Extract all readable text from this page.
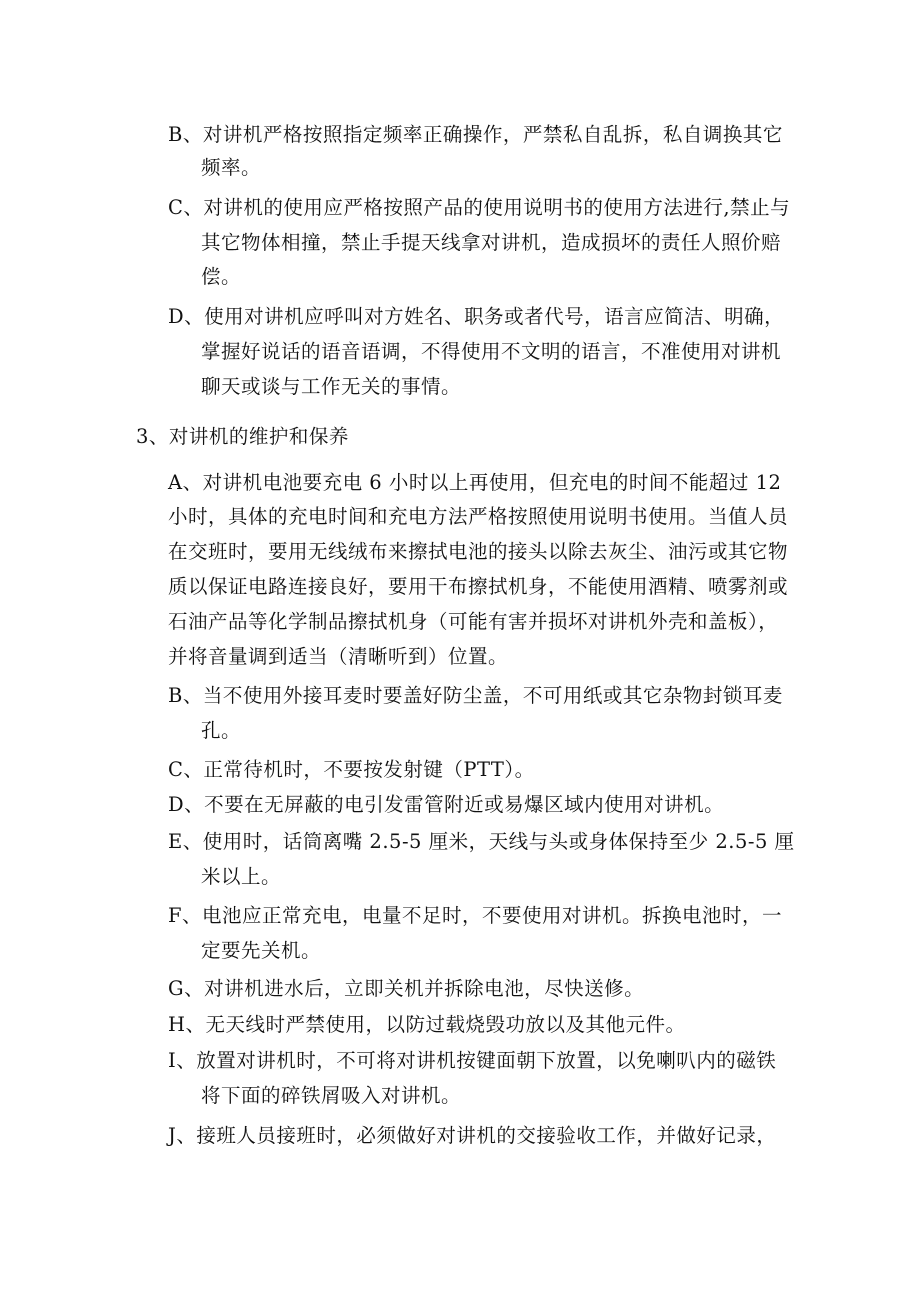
B、对讲机严格按照指定频率正确操作，严禁私自乱拆，私自调换其它
频率。
C、对讲机的使用应严格按照产品的使用说明书的使用方法进行,禁止与
其它物体相撞，禁止手提天线拿对讲机，造成损坏的责任人照价赔
偿。
D、使用对讲机应呼叫对方姓名、职务或者代号，语言应简洁、明确，
掌握好说话的语音语调，不得使用不文明的语言，不准使用对讲机
聊天或谈与工作无关的事情。
3、对讲机的维护和保养
A、对讲机电池要充电 6 小时以上再使用，但充电的时间不能超过 12
小时，具体的充电时间和充电方法严格按照使用说明书使用。当值人员
在交班时，要用无线绒布来擦拭电池的接头以除去灰尘、油污或其它物
质以保证电路连接良好，要用干布擦拭机身，不能使用酒精、喷雾剂或
石油产品等化学制品擦拭机身（可能有害并损坏对讲机外壳和盖板），
并将音量调到适当（清晰听到）位置。
B、当不使用外接耳麦时要盖好防尘盖，不可用纸或其它杂物封锁耳麦
孔。
C、正常待机时，不要按发射键（PTT）。
D、不要在无屏蔽的电引发雷管附近或易爆区域内使用对讲机。
E、使用时，话筒离嘴 2.5-5 厘米，天线与头或身体保持至少 2.5-5 厘
米以上。
F、电池应正常充电，电量不足时，不要使用对讲机。拆换电池时，一
定要先关机。
G、对讲机进水后，立即关机并拆除电池，尽快送修。
H、无天线时严禁使用，以防过载烧毁功放以及其他元件。
I、放置对讲机时，不可将对讲机按键面朝下放置，以免喇叭内的磁铁
将下面的碎铁屑吸入对讲机。
J、接班人员接班时，必须做好对讲机的交接验收工作，并做好记录，
